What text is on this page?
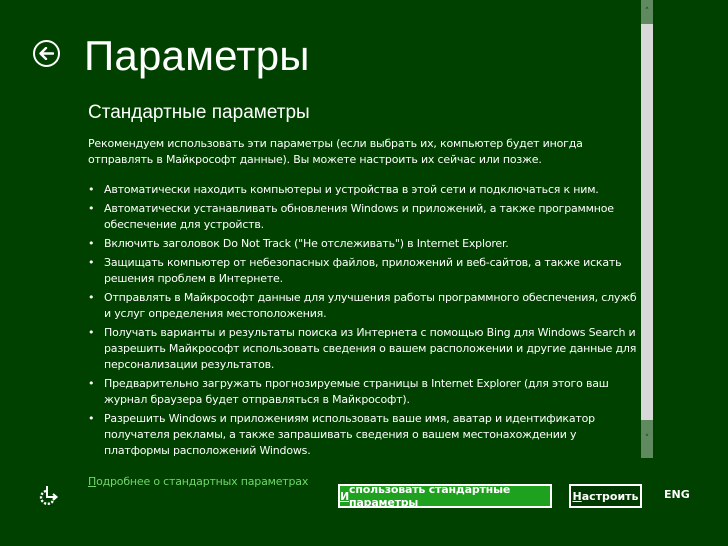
Параметры
Стандартные параметры

Рекомендуем использовать эти параметры (если выбрать их, компьютер будет иногда отправлять в Майкрософт данные). Вы можете настроить их сейчас или позже.

• Автоматически находить компьютеры и устройства в этой сети и подключаться к ним.
• Автоматически устанавливать обновления Windows и приложений, а также программное обеспечение для устройств.
• Включить заголовок Do Not Track ("Не отслеживать") в Internet Explorer.
• Защищать компьютер от небезопасных файлов, приложений и веб-сайтов, а также искать решения проблем в Интернете.
• Отправлять в Майкрософт данные для улучшения работы программного обеспечения, служб и услуг определения местоположения.
• Получать варианты и результаты поиска из Интернета с помощью Bing для Windows Search и разрешить Майкрософт использовать сведения о вашем расположении и другие данные для персонализации результатов.
• Предварительно загружать прогнозируемые страницы в Internet Explorer (для этого ваш журнал браузера будет отправляться в Майкрософт).
• Разрешить Windows и приложениям использовать ваше имя, аватар и идентификатор получателя рекламы, а также запрашивать сведения о вашем местонахождении у платформы расположений Windows.
Подробнее о стандартных параметрах
˄
˅
И спользовать стандартные параметры	Н астроить ENG
